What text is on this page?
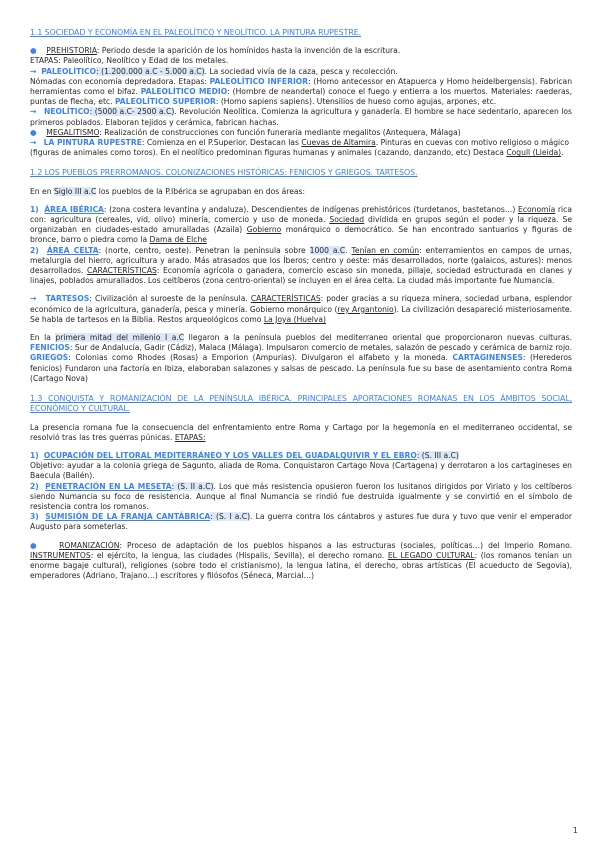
1.1 SOCIEDAD Y ECONOMÍA EN EL PALEOLÍTICO Y NEOLÍTICO. LA PINTURA RUPESTRE.

● PREHISTORIA: Periodo desde la aparición de los homínidos hasta la invención de la escritura.

ETAPAS: Paleolítico, Neolítico y Edad de los metales.

→ PALEOLÍTICO: (1.200.000 a.C - 5.000 a.C). La sociedad vivía de la caza, pesca y recolección.

Nómadas con economía depredadora. Etapas: PALEOLÍTICO INFERIOR: (Homo antecessor en Atapuerca y Homo heidelbergensis). Fabrican herramientas como el bifaz. PALEOLÍTICO MEDIO: (Hombre de neandertal) conoce el fuego y entierra a los muertos. Materiales: raederas, puntas de flecha, etc. PALEOLÍTICO SUPERIOR: (Homo sapiens sapiens). Utensilios de hueso como agujas, arpones, etc.

→ NEOLÍTICO: (5000 a.C- 2500 a.C). Revolución Neolítica. Comienza la agricultura y ganadería. El hombre se hace sedentario, aparecen los primeros poblados. Elaboran tejidos y cerámica, fabrican hachas.

● MEGALITISMO: Realización de construcciones con función funeraria mediante megalitos (Antequera, Málaga)

→ LA PINTURA RUPESTRE: Comienza en el P.Superior. Destacan las Cuevas de Altamira. Pinturas en cuevas con motivo religioso o mágico (figuras de animales como toros). En el neolítico predominan figuras humanas y animales (cazando, danzando, etc) Destaca Cogull (Lleida).

1.2 LOS PUEBLOS PRERROMANOS. COLONIZACIONES HISTÓRICAS: FENICIOS Y GRIEGOS. TARTESOS.

En en Siglo III a.C los pueblos de la P.Ibérica se agrupaban en dos áreas:

1)  ÁREA IBÉRICA: (zona costera levantina y andaluza). Descendientes de indígenas prehistóricos (turdetanos, bastetanos…) Economía rica con: agricultura (cereales, vid, olivo) minería, comercio y uso de moneda. Sociedad dividida en grupos según el poder y la riqueza. Se organizaban en ciudades-estado amuralladas (Azaila) Gobierno monárquico o democrático. Se han encontrado santuarios y figuras de bronce, barro o piedra como la Dama de Elche

2)  ÁREA CELTA: (norte, centro, oeste). Penetran la península sobre 1000 a.C. Tenían en común: enterramientos en campos de urnas, metalurgia del hierro, agricultura y arado. Más atrasados que los Íberos; centro y oeste: más desarrollados, norte (galaicos, astures): menos desarrollados. CARACTERÍSTICAS: Economía agrícola o ganadera, comercio escaso sin moneda, pillaje, sociedad estructurada en clanes y linajes, poblados amurallados. Los celtíberos (zona centro-oriental) se incluyen en el área celta. La ciudad más importante fue Numancia.

→ TARTESOS: Civilización al suroeste de la península. CARACTERÍSTICAS: poder gracias a su riqueza minera, sociedad urbana, esplendor económico de la agricultura, ganadería, pesca y minería. Gobierno monárquico (rey Argantonio). La civilización desapareció misteriosamente. Se habla de tartesos en la Biblia. Restos arqueológicos como La Joya (Huelva)

En la primera mitad del milenio I a.C llegaron a la península pueblos del mediterraneo oriental que proporcionaron nuevas culturas. FENICIOS: Sur de Andalucía, Gadir (Cádiz), Malaca (Málaga). Impulsaron comercio de metales, salazón de pescado y cerámica de barniz rojo. GRIEGOS: Colonias como Rhodes (Rosas) a Emporion (Ampurias). Divulgaron el alfabeto y la moneda. CARTAGINENSES: (Herederos fenicios) Fundaron una factoría en Ibiza, elaboraban salazones y salsas de pescado. La península fue su base de asentamiento contra Roma (Cartago Nova)

1.3 CONQUISTA Y ROMANIZACIÓN DE LA PENÍNSULA IBÉRICA. PRINCIPALES APORTACIONES ROMANAS EN LOS ÁMBITOS SOCIAL, ECONÓMICO Y CULTURAL.

La presencia romana fue la consecuencia del enfrentamiento entre Roma y Cartago por la hegemonía en el mediterraneo occidental, se resolvió tras las tres guerras púnicas. ETAPAS:

1)  OCUPACIÓN DEL LITORAL MEDITERRÁNEO Y LOS VALLES DEL GUADALQUIVIR Y EL EBRO: (S. III a.C)

Objetivo: ayudar a la colonia griega de Sagunto, aliada de Roma. Conquistaron Cartago Nova (Cartagena) y derrotaron a los cartagineses en Baecula (Bailén).

2)  PENETRACIÓN EN LA MESETA: (S. II a.C). Los que más resistencia opusieron fueron los lusitanos dirigidos por Viriato y los celtíberos siendo Numancia su foco de resistencia. Aunque al final Numancia se rindió fue destruida igualmente y se convirtió en el símbolo de resistencia contra los romanos.

3)  SUMISIÓN DE LA FRANJA CANTÁBRICA: (S. I a.C). La guerra contra los cántabros y astures fue dura y tuvo que venir el emperador Augusto para someterlas.

●	ROMANIZACIÓN: Proceso de adaptación de los pueblos hispanos a las estructuras (sociales, políticas…) del Imperio Romano. INSTRUMENTOS: el ejército, la lengua, las ciudades (Hispalis, Sevilla), el derecho romano. EL LEGADO CULTURAL: (los romanos tenían un enorme bagaje cultural), religiones (sobre todo el cristianismo), la lengua latina, el derecho, obras artísticas (El acueducto de Segovia), emperadores (Adriano, Trajano…) escritores y filósofos (Séneca, Marcial…)

1
